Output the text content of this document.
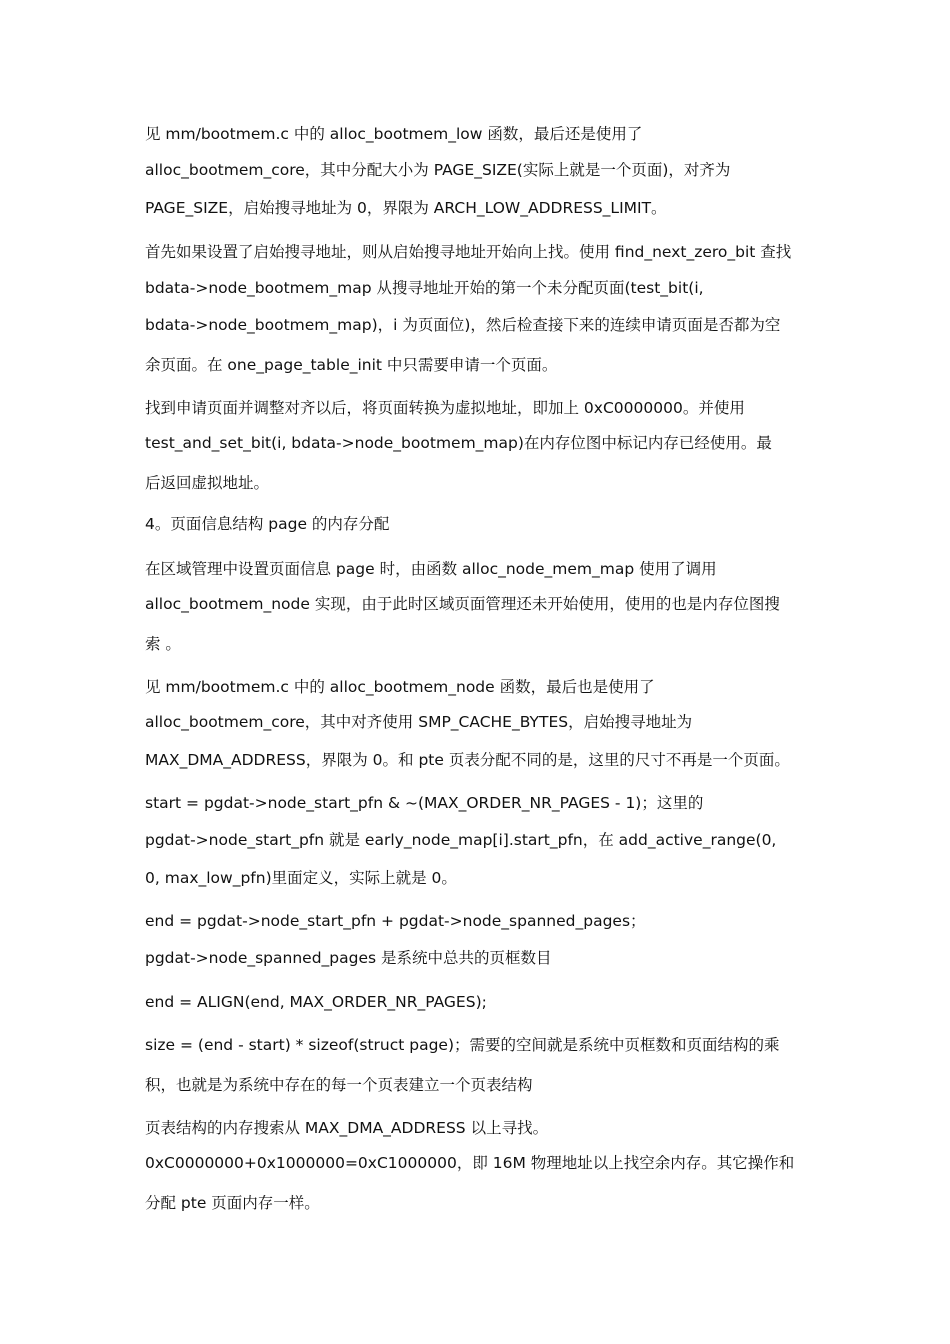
见 mm/bootmem.c 中的 alloc_bootmem_low 函数，最后还是使用了
alloc_bootmem_core，其中分配大小为 PAGE_SIZE(实际上就是一个页面)，对齐为
PAGE_SIZE，启始搜寻地址为 0，界限为 ARCH_LOW_ADDRESS_LIMIT。
首先如果设置了启始搜寻地址，则从启始搜寻地址开始向上找。使用 find_next_zero_bit 查找
bdata->node_bootmem_map 从搜寻地址开始的第一个未分配页面(test_bit(i,
bdata->node_bootmem_map)，i 为页面位)，然后检查接下来的连续申请页面是否都为空
余页面。在 one_page_table_init 中只需要申请一个页面。
找到申请页面并调整对齐以后，将页面转换为虚拟地址，即加上 0xC0000000。并使用
test_and_set_bit(i, bdata->node_bootmem_map)在内存位图中标记内存已经使用。最
后返回虚拟地址。
4。页面信息结构 page 的内存分配
在区域管理中设置页面信息 page 时，由函数 alloc_node_mem_map 使用了调用
alloc_bootmem_node 实现，由于此时区域页面管理还未开始使用，使用的也是内存位图搜
索 。
见 mm/bootmem.c 中的 alloc_bootmem_node 函数，最后也是使用了
alloc_bootmem_core，其中对齐使用 SMP_CACHE_BYTES，启始搜寻地址为
MAX_DMA_ADDRESS，界限为 0。和 pte 页表分配不同的是，这里的尺寸不再是一个页面。
start = pgdat->node_start_pfn & ~(MAX_ORDER_NR_PAGES - 1)；这里的
pgdat->node_start_pfn 就是 early_node_map[i].start_pfn，在 add_active_range(0,
0, max_low_pfn)里面定义，实际上就是 0。
end = pgdat->node_start_pfn + pgdat->node_spanned_pages；
pgdat->node_spanned_pages 是系统中总共的页框数目
end = ALIGN(end, MAX_ORDER_NR_PAGES);
size = (end - start) * sizeof(struct page)；需要的空间就是系统中页框数和页面结构的乘
积，也就是为系统中存在的每一个页表建立一个页表结构
页表结构的内存搜索从 MAX_DMA_ADDRESS 以上寻找。
0xC0000000+0x1000000=0xC1000000，即 16M 物理地址以上找空余内存。其它操作和
分配 pte 页面内存一样。
